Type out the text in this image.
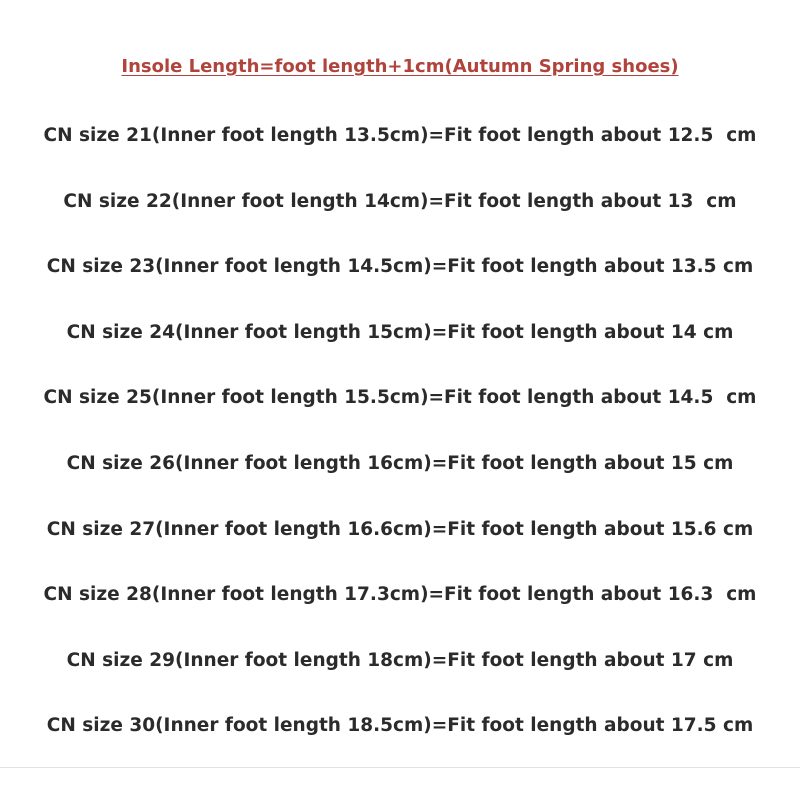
Insole Length=foot length+1cm(Autumn Spring shoes)
CN size 21(Inner foot length 13.5cm)=Fit foot length about 12.5  cm
CN size 22(Inner foot length 14cm)=Fit foot length about 13  cm
CN size 23(Inner foot length 14.5cm)=Fit foot length about 13.5 cm
CN size 24(Inner foot length 15cm)=Fit foot length about 14 cm
CN size 25(Inner foot length 15.5cm)=Fit foot length about 14.5  cm
CN size 26(Inner foot length 16cm)=Fit foot length about 15 cm
CN size 27(Inner foot length 16.6cm)=Fit foot length about 15.6 cm
CN size 28(Inner foot length 17.3cm)=Fit foot length about 16.3  cm
CN size 29(Inner foot length 18cm)=Fit foot length about 17 cm
CN size 30(Inner foot length 18.5cm)=Fit foot length about 17.5 cm
